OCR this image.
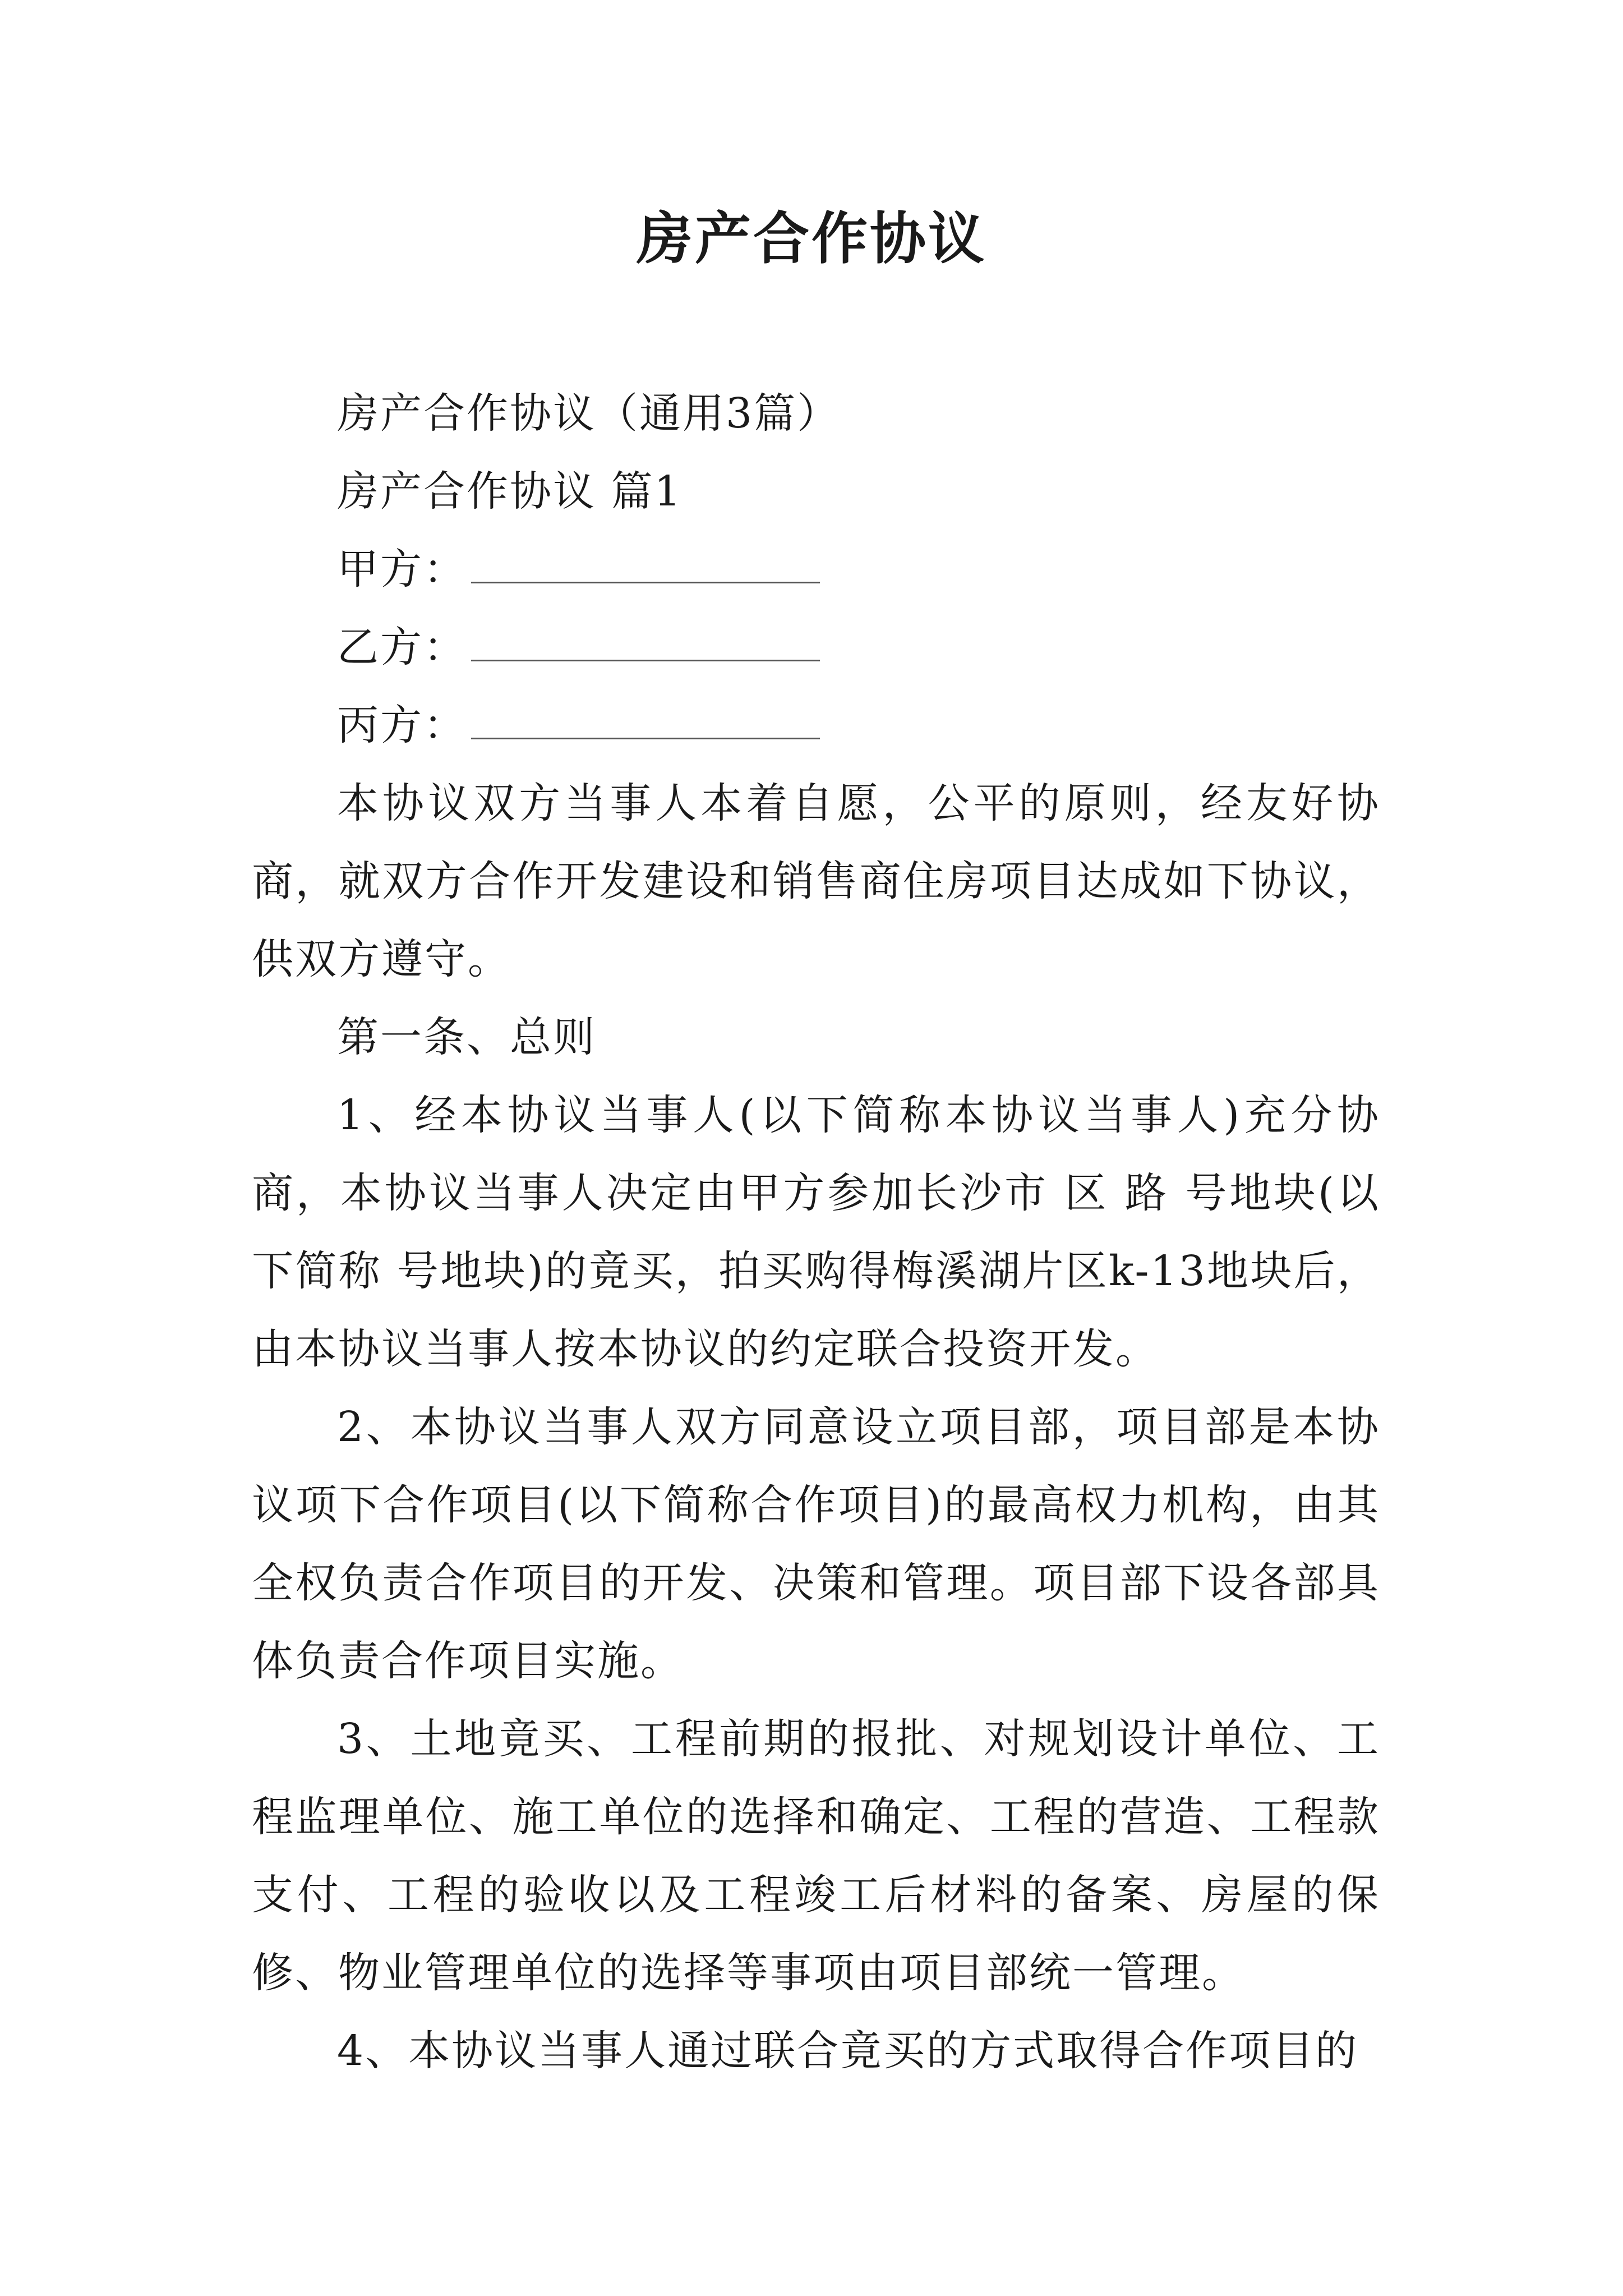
房产合作协议

房产合作协议（通用3篇）

房产合作协议 篇1

甲方：

乙方：

丙方：

本协议双方当事人本着自愿，公平的原则，经友好协商，就双方合作开发建设和销售商住房项目达成如下协议，供双方遵守。

第一条、总则

1、经本协议当事人(以下简称本协议当事人)充分协商，本协议当事人决定由甲方参加长沙市 区 路 号地块(以下简称 号地块)的竟买，拍买购得梅溪湖片区k-13地块后，由本协议当事人按本协议的约定联合投资开发。

2、本协议当事人双方同意设立项目部，项目部是本协议项下合作项目(以下简称合作项目)的最高权力机构，由其全权负责合作项目的开发、决策和管理。项目部下设各部具体负责合作项目实施。

3、土地竟买、工程前期的报批、对规划设计单位、工程监理单位、施工单位的选择和确定、工程的营造、工程款支付、工程的验收以及工程竣工后材料的备案、房屋的保修、物业管理单位的选择等事项由项目部统一管理。

4、本协议当事人通过联合竟买的方式取得合作项目的
